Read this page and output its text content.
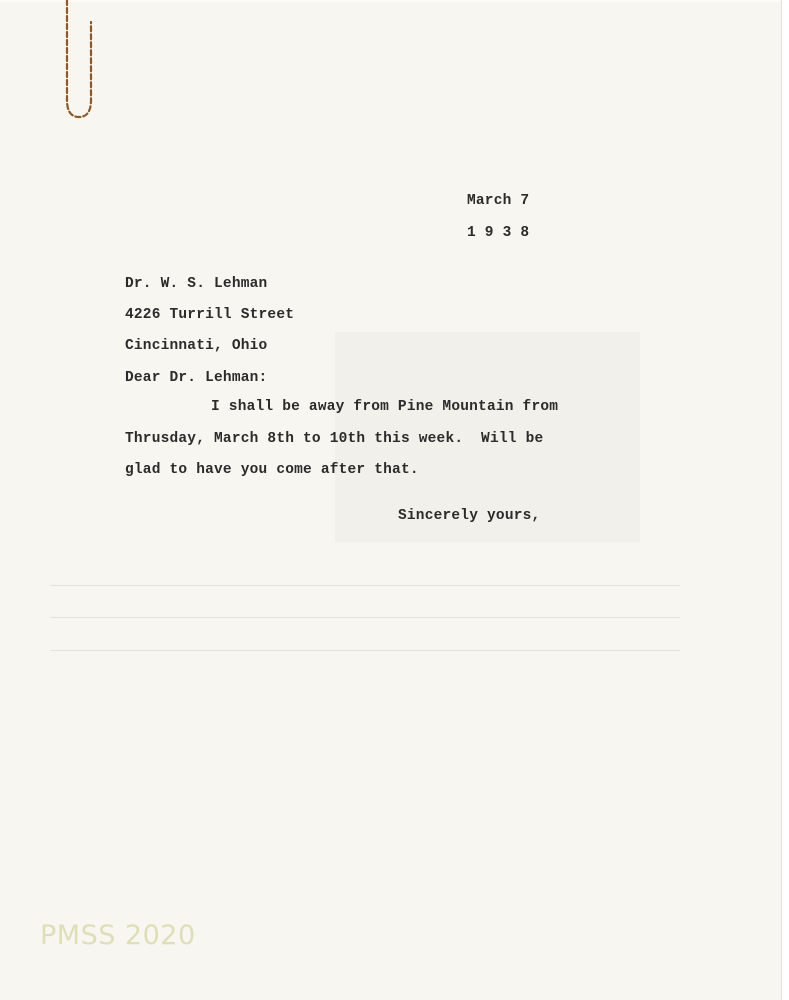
March 7
1 9 3 8
Dr. W. S. Lehman
4226 Turrill Street
Cincinnati, Ohio
Dear Dr. Lehman:
I shall be away from Pine Mountain from
Thrusday, March 8th to 10th this week.  Will be
glad to have you come after that.
Sincerely yours,
PMSS 2020
